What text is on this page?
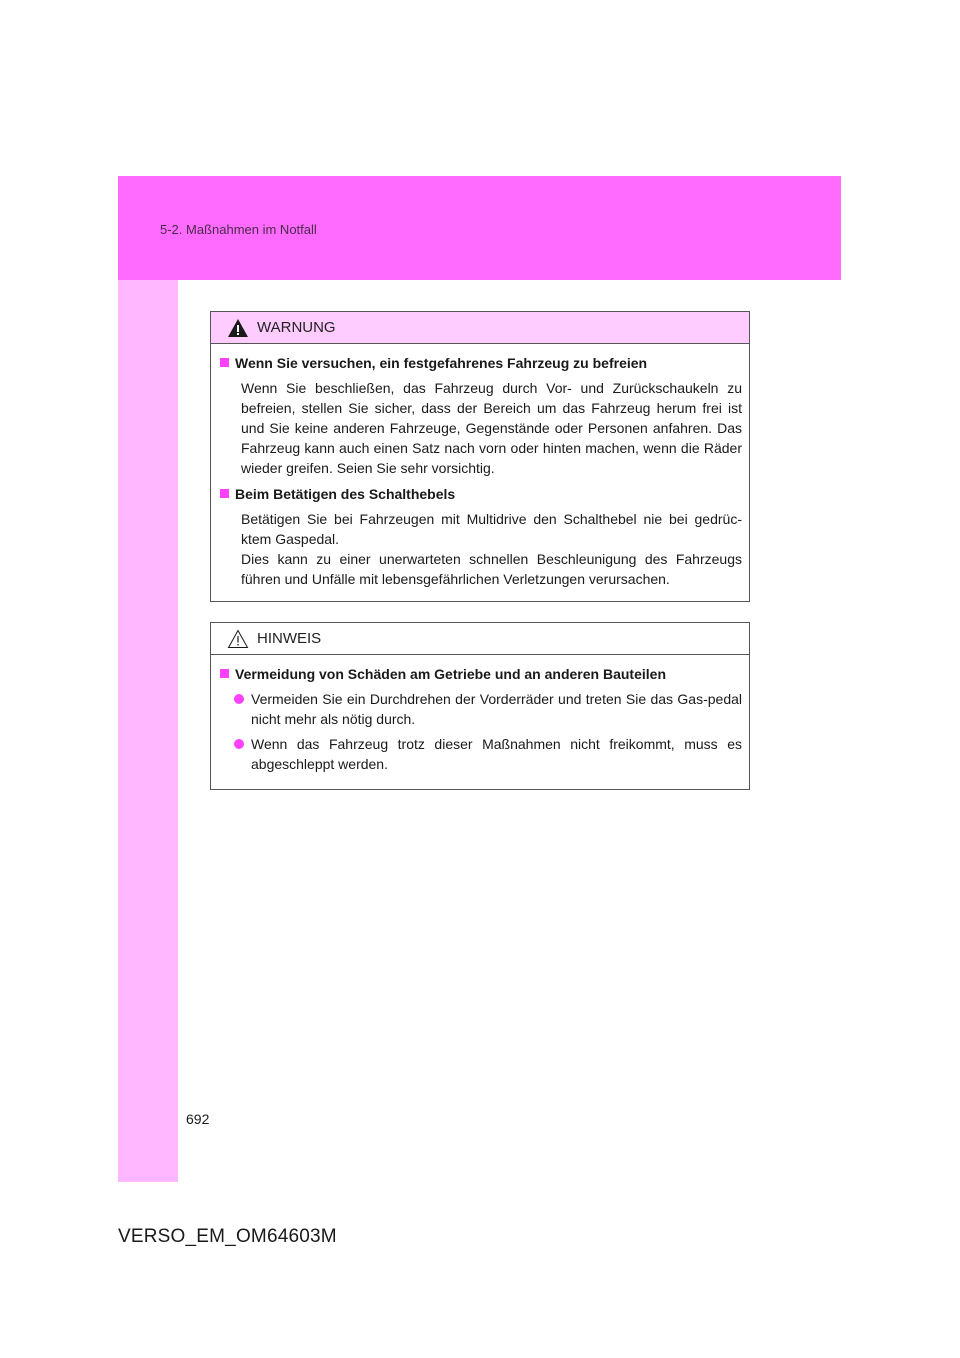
5-2. Maßnahmen im Notfall
WARNUNG
Wenn Sie versuchen, ein festgefahrenes Fahrzeug zu befreien
Wenn Sie beschließen, das Fahrzeug durch Vor- und Zurückschaukeln zu befreien, stellen Sie sicher, dass der Bereich um das Fahrzeug herum frei ist und Sie keine anderen Fahrzeuge, Gegenstände oder Personen anfahren. Das Fahrzeug kann auch einen Satz nach vorn oder hinten machen, wenn die Räder wieder greifen. Seien Sie sehr vorsichtig.
Beim Betätigen des Schalthebels
Betätigen Sie bei Fahrzeugen mit Multidrive den Schalthebel nie bei gedrüc-ktem Gaspedal.
Dies kann zu einer unerwarteten schnellen Beschleunigung des Fahrzeugs führen und Unfälle mit lebensgefährlichen Verletzungen verursachen.
HINWEIS
Vermeidung von Schäden am Getriebe und an anderen Bauteilen
Vermeiden Sie ein Durchdrehen der Vorderräder und treten Sie das Gas-pedal nicht mehr als nötig durch.
Wenn das Fahrzeug trotz dieser Maßnahmen nicht freikommt, muss es abgeschleppt werden.
692
VERSO_EM_OM64603M
